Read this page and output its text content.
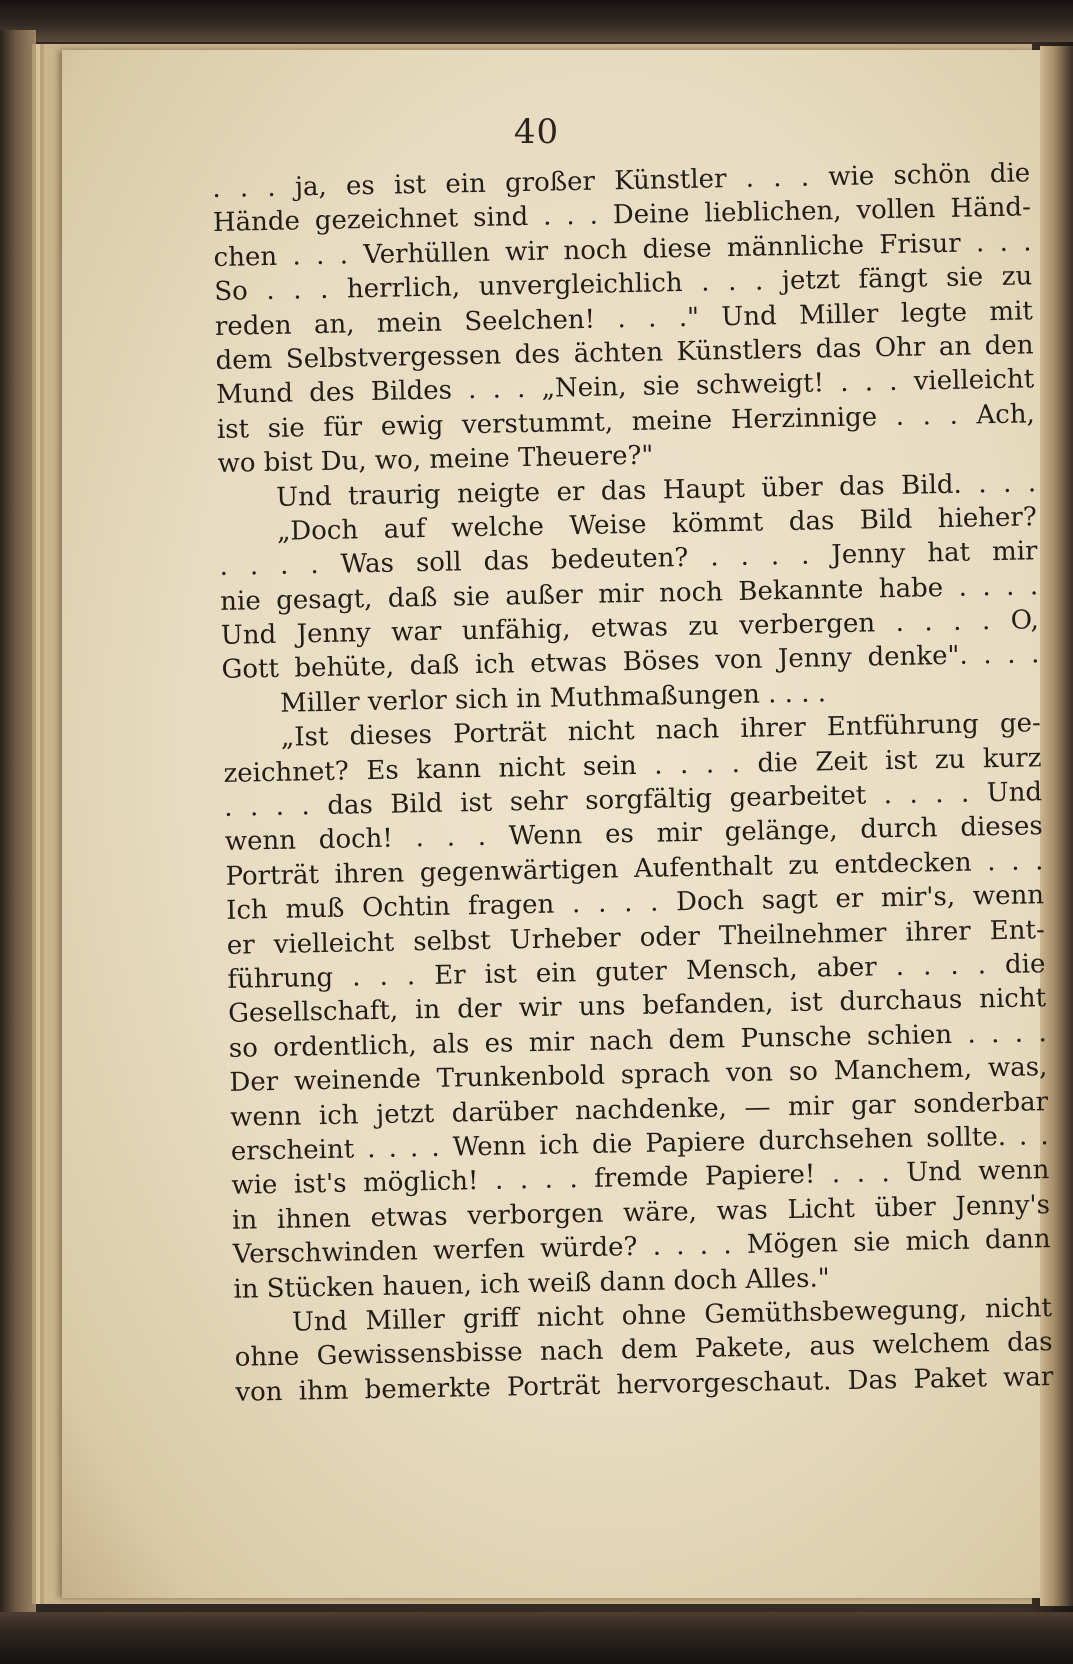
40
. . . ja, es ist ein großer Künstler . . . wie schön die
Hände gezeichnet sind . . . Deine lieblichen, vollen Händ-
chen . . . Verhüllen wir noch diese männliche Frisur . . .
So . . . herrlich, unvergleichlich . . . jetzt fängt sie zu
reden an, mein Seelchen! . . ." Und Miller legte mit
dem Selbstvergessen des ächten Künstlers das Ohr an den
Mund des Bildes . . . „Nein, sie schweigt! . . . vielleicht
ist sie für ewig verstummt, meine Herzinnige . . . Ach,
wo bist Du, wo, meine Theuere?"
Und traurig neigte er das Haupt über das Bild. . . .
„Doch auf welche Weise kömmt das Bild hieher?
. . . . Was soll das bedeuten? . . . . Jenny hat mir
nie gesagt, daß sie außer mir noch Bekannte habe . . . .
Und Jenny war unfähig, etwas zu verbergen . . . . O,
Gott behüte, daß ich etwas Böses von Jenny denke". . . .
Miller verlor sich in Muthmaßungen . . . .
„Ist dieses Porträt nicht nach ihrer Entführung ge-
zeichnet? Es kann nicht sein . . . . die Zeit ist zu kurz
. . . . das Bild ist sehr sorgfältig gearbeitet . . . . Und
wenn doch! . . . Wenn es mir gelänge, durch dieses
Porträt ihren gegenwärtigen Aufenthalt zu entdecken . . .
Ich muß Ochtin fragen . . . . Doch sagt er mir's, wenn
er vielleicht selbst Urheber oder Theilnehmer ihrer Ent-
führung . . . Er ist ein guter Mensch, aber . . . . die
Gesellschaft, in der wir uns befanden, ist durchaus nicht
so ordentlich, als es mir nach dem Punsche schien . . . .
Der weinende Trunkenbold sprach von so Manchem, was,
wenn ich jetzt darüber nachdenke, — mir gar sonderbar
erscheint . . . . Wenn ich die Papiere durchsehen sollte. . .
wie ist's möglich! . . . . fremde Papiere! . . . Und wenn
in ihnen etwas verborgen wäre, was Licht über Jenny's
Verschwinden werfen würde? . . . . Mögen sie mich dann
in Stücken hauen, ich weiß dann doch Alles."
Und Miller griff nicht ohne Gemüthsbewegung, nicht
ohne Gewissensbisse nach dem Pakete, aus welchem das
von ihm bemerkte Porträt hervorgeschaut. Das Paket war
